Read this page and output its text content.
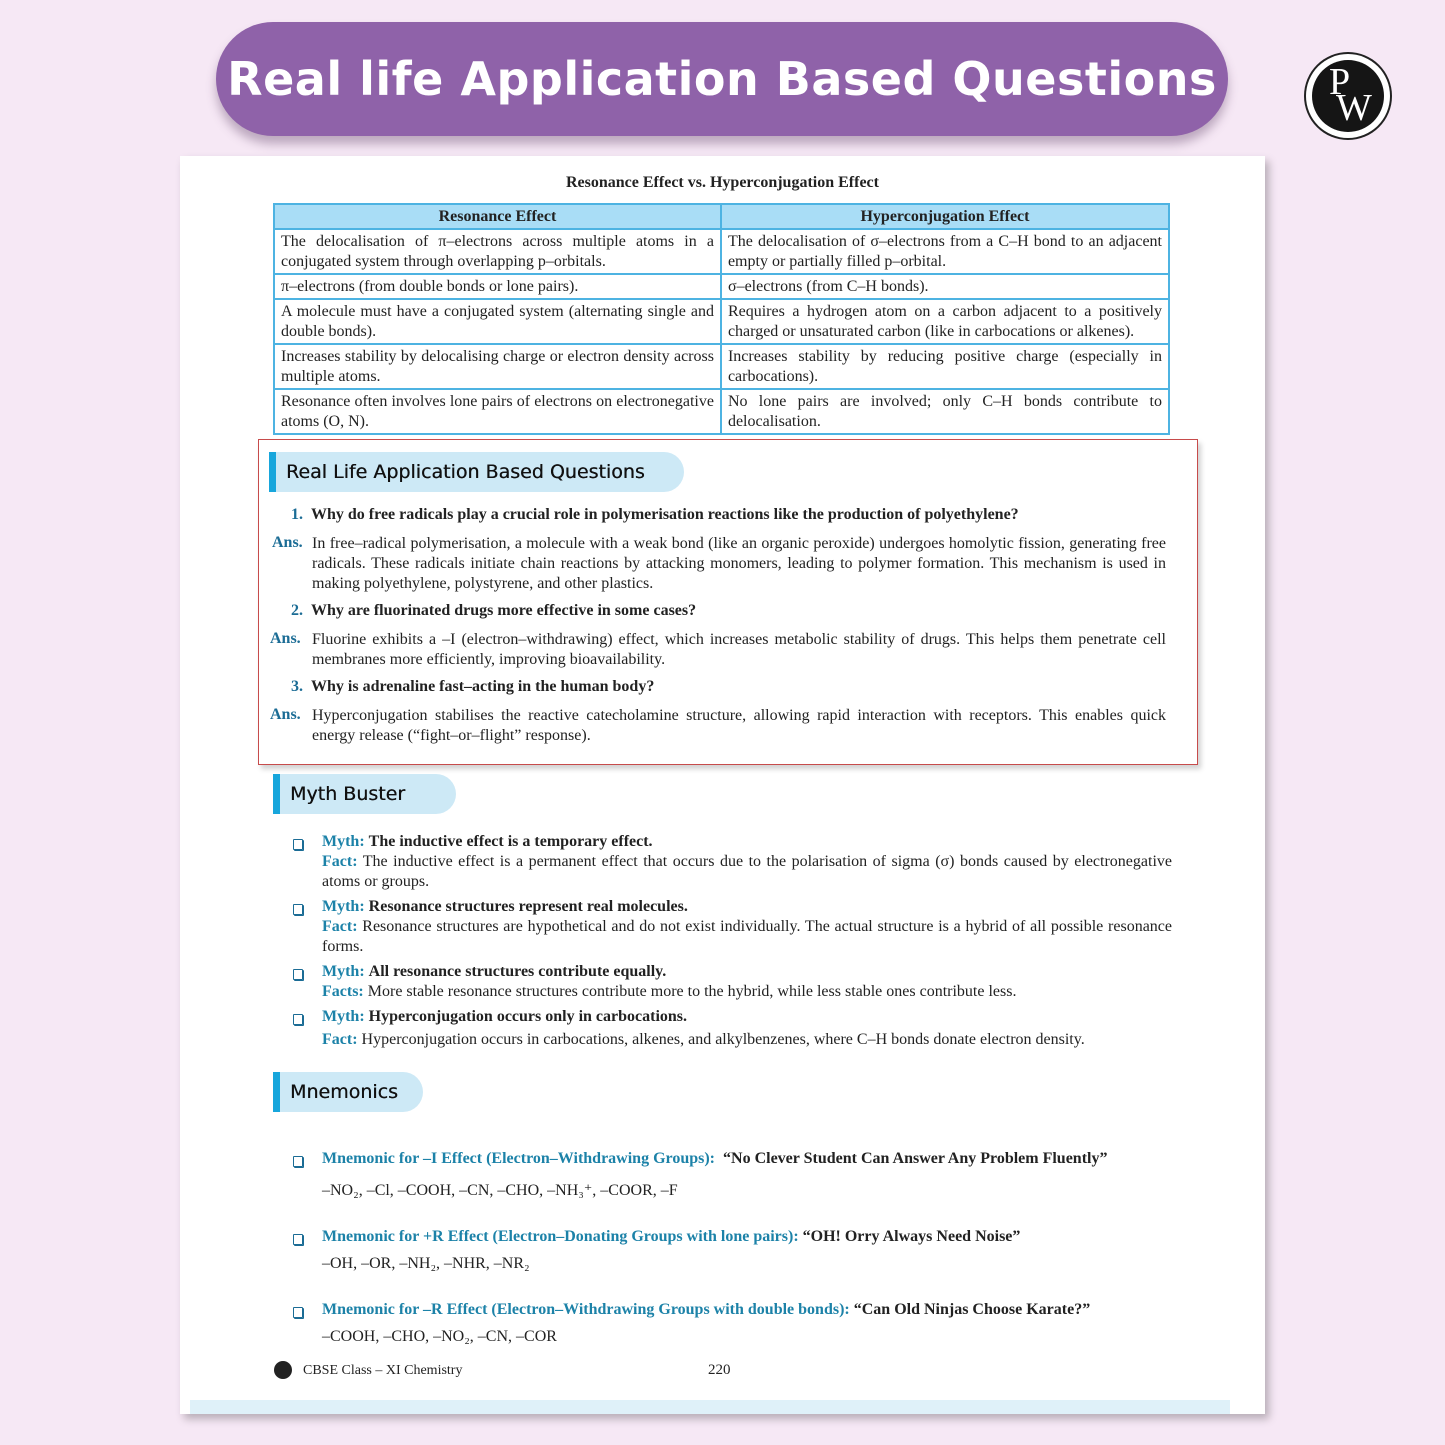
Real life Application Based Questions	P
W
Resonance Effect vs. Hyperconjugation Effect
Resonance Effect	Hyperconjugation Effect
The delocalisation of π–electrons across multiple atoms in a conjugated system through overlapping p–orbitals.	The delocalisation of σ–electrons from a C–H bond to an adjacent empty or partially filled p–orbital.
π–electrons (from double bonds or lone pairs).	σ–electrons (from C–H bonds).
A molecule must have a conjugated system (alternating single and double bonds).	Requires a hydrogen atom on a carbon adjacent to a positively charged or unsaturated carbon (like in carbocations or alkenes).
Increases stability by delocalising charge or electron density across multiple atoms.	Increases stability by reducing positive charge (especially in carbocations).
Resonance often involves lone pairs of electrons on electronegative atoms (O, N).	No lone pairs are involved; only C–H bonds contribute to delocalisation.
Real Life Application Based Questions
1. Why do free radicals play a crucial role in polymerisation reactions like the production of polyethylene?
Ans. In free–radical polymerisation, a molecule with a weak bond (like an organic peroxide) undergoes homolytic fission, generating free radicals. These radicals initiate chain reactions by attacking monomers, leading to polymer formation. This mechanism is used in making polyethylene, polystyrene, and other plastics.
2. Why are fluorinated drugs more effective in some cases?
Ans. Fluorine exhibits a –I (electron–withdrawing) effect, which increases metabolic stability of drugs. This helps them penetrate cell membranes more efficiently, improving bioavailability.
3. Why is adrenaline fast–acting in the human body?
Ans. Hyperconjugation stabilises the reactive catecholamine structure, allowing rapid interaction with receptors. This enables quick energy release (“fight–or–flight” response).
Myth Buster
Myth: The inductive effect is a temporary effect.
Fact: The inductive effect is a permanent effect that occurs due to the polarisation of sigma (σ) bonds caused by electronegative atoms or groups.
Myth: Resonance structures represent real molecules.
Fact: Resonance structures are hypothetical and do not exist individually. The actual structure is a hybrid of all possible resonance forms.
Myth: All resonance structures contribute equally.
Facts: More stable resonance structures contribute more to the hybrid, while less stable ones contribute less.
Myth: Hyperconjugation occurs only in carbocations.
Fact: Hyperconjugation occurs in carbocations, alkenes, and alkylbenzenes, where C–H bonds donate electron density.
Mnemonics
Mnemonic for –I Effect (Electron–Withdrawing Groups): “No Clever Student Can Answer Any Problem Fluently”
–NO₂, –Cl, –COOH, –CN, –CHO, –NH₃⁺, –COOR, –F
Mnemonic for +R Effect (Electron–Donating Groups with lone pairs): “OH! Orry Always Need Noise”
–OH, –OR, –NH₂, –NHR, –NR₂
Mnemonic for –R Effect (Electron–Withdrawing Groups with double bonds): “Can Old Ninjas Choose Karate?”
–COOH, –CHO, –NO₂, –CN, –COR
CBSE Class – XI Chemistry	220
